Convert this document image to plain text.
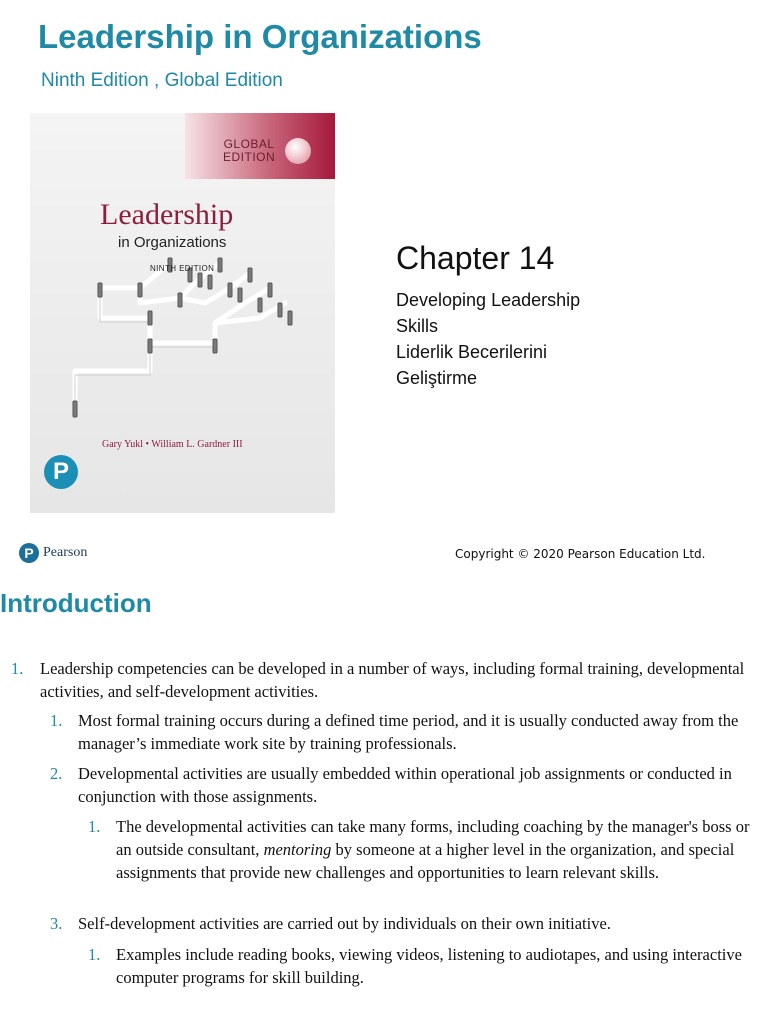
Leadership in Organizations
Ninth Edition , Global Edition
GLOBAL
EDITION
Leadership
in Organizations
NINTH EDITION
Gary Yukl • William L. Gardner III
P
Chapter 14
Developing Leadership
Skills
Liderlik Becerilerini
Geliştirme
P Pearson	Copyright © 2020 Pearson Education Ltd.
Introduction
1. Leadership competencies can be developed in a number of ways, including formal training, developmental activities, and self-development activities.
1. Most formal training occurs during a defined time period, and it is usually conducted away from the manager’s immediate work site by training professionals.
2. Developmental activities are usually embedded within operational job assignments or conducted in conjunction with those assignments.
1. The developmental activities can take many forms, including coaching by the manager's boss or an outside consultant, mentoring by someone at a higher level in the organization, and special assignments that provide new challenges and opportunities to learn relevant skills.
3. Self-development activities are carried out by individuals on their own initiative.
1. Examples include reading books, viewing videos, listening to audiotapes, and using interactive computer programs for skill building.
